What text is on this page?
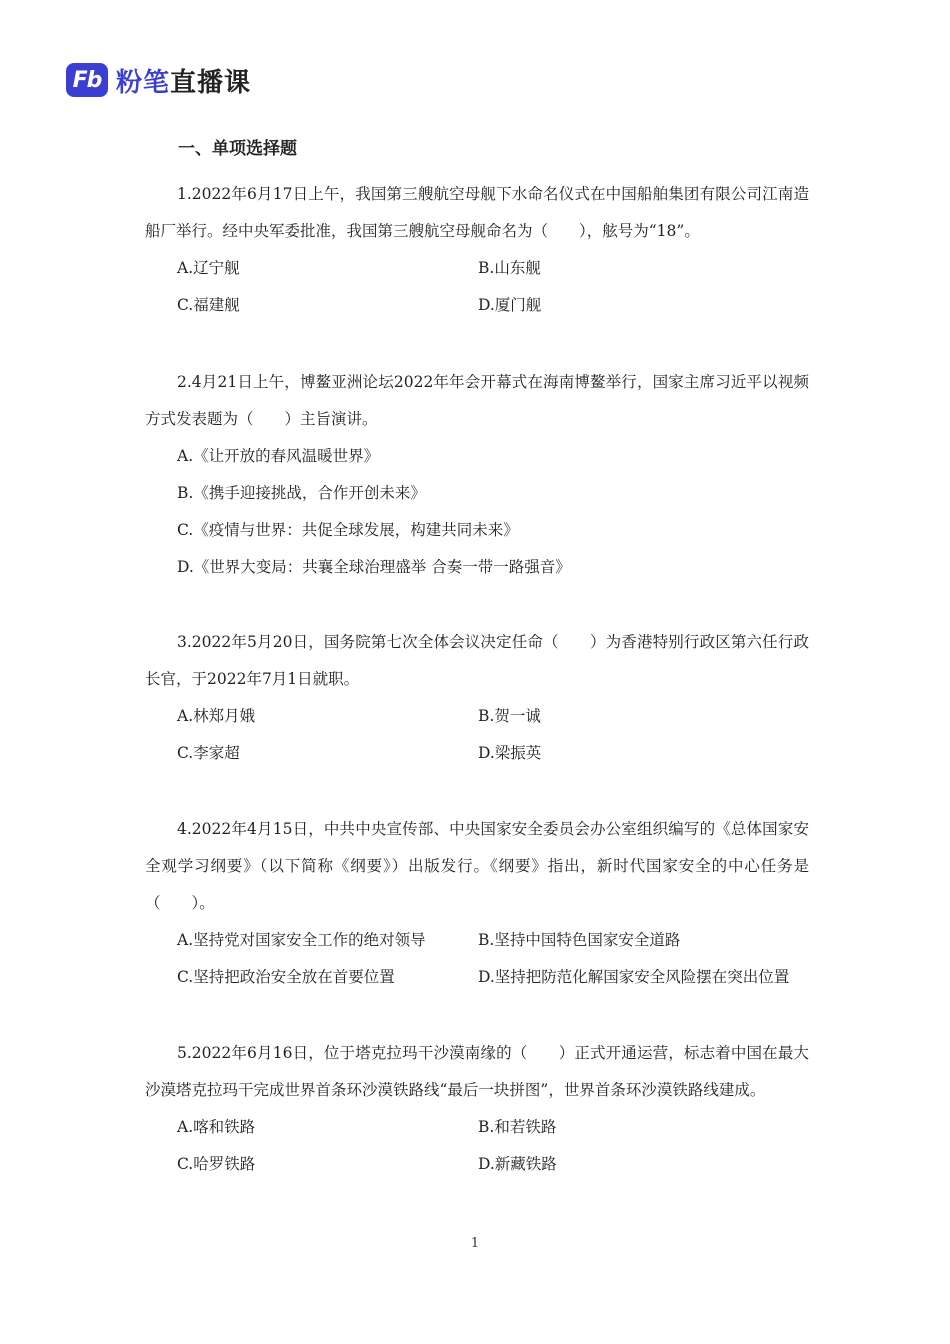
Fb 粉笔直播课
一、单项选择题

1.2022年6月17日上午，我国第三艘航空母舰下水命名仪式在中国船舶集团有限公司江南造船厂举行。经中央军委批准，我国第三艘航空母舰命名为（　　），舷号为“18”。

A.辽宁舰	B.山东舰
C.福建舰	D.厦门舰

2.4月21日上午，博鳌亚洲论坛2022年年会开幕式在海南博鳌举行，国家主席习近平以视频方式发表题为（　　）主旨演讲。

A.《让开放的春风温暖世界》
B.《携手迎接挑战，合作开创未来》
C.《疫情与世界：共促全球发展，构建共同未来》
D.《世界大变局：共襄全球治理盛举 合奏一带一路强音》

3.2022年5月20日，国务院第七次全体会议决定任命（　　）为香港特别行政区第六任行政长官，于2022年7月1日就职。

A.林郑月娥	B.贺一诚
C.李家超	D.梁振英

4.2022年4月15日，中共中央宣传部、中央国家安全委员会办公室组织编写的《总体国家安全观学习纲要》（以下简称《纲要》）出版发行。《纲要》指出，新时代国家安全的中心任务是（　　）。

A.坚持党对国家安全工作的绝对领导	B.坚持中国特色国家安全道路
C.坚持把政治安全放在首要位置	D.坚持把防范化解国家安全风险摆在突出位置

5.2022年6月16日，位于塔克拉玛干沙漠南缘的（　　）正式开通运营，标志着中国在最大沙漠塔克拉玛干完成世界首条环沙漠铁路线“最后一块拼图”，世界首条环沙漠铁路线建成。

A.喀和铁路	B.和若铁路
C.哈罗铁路	D.新藏铁路
1
